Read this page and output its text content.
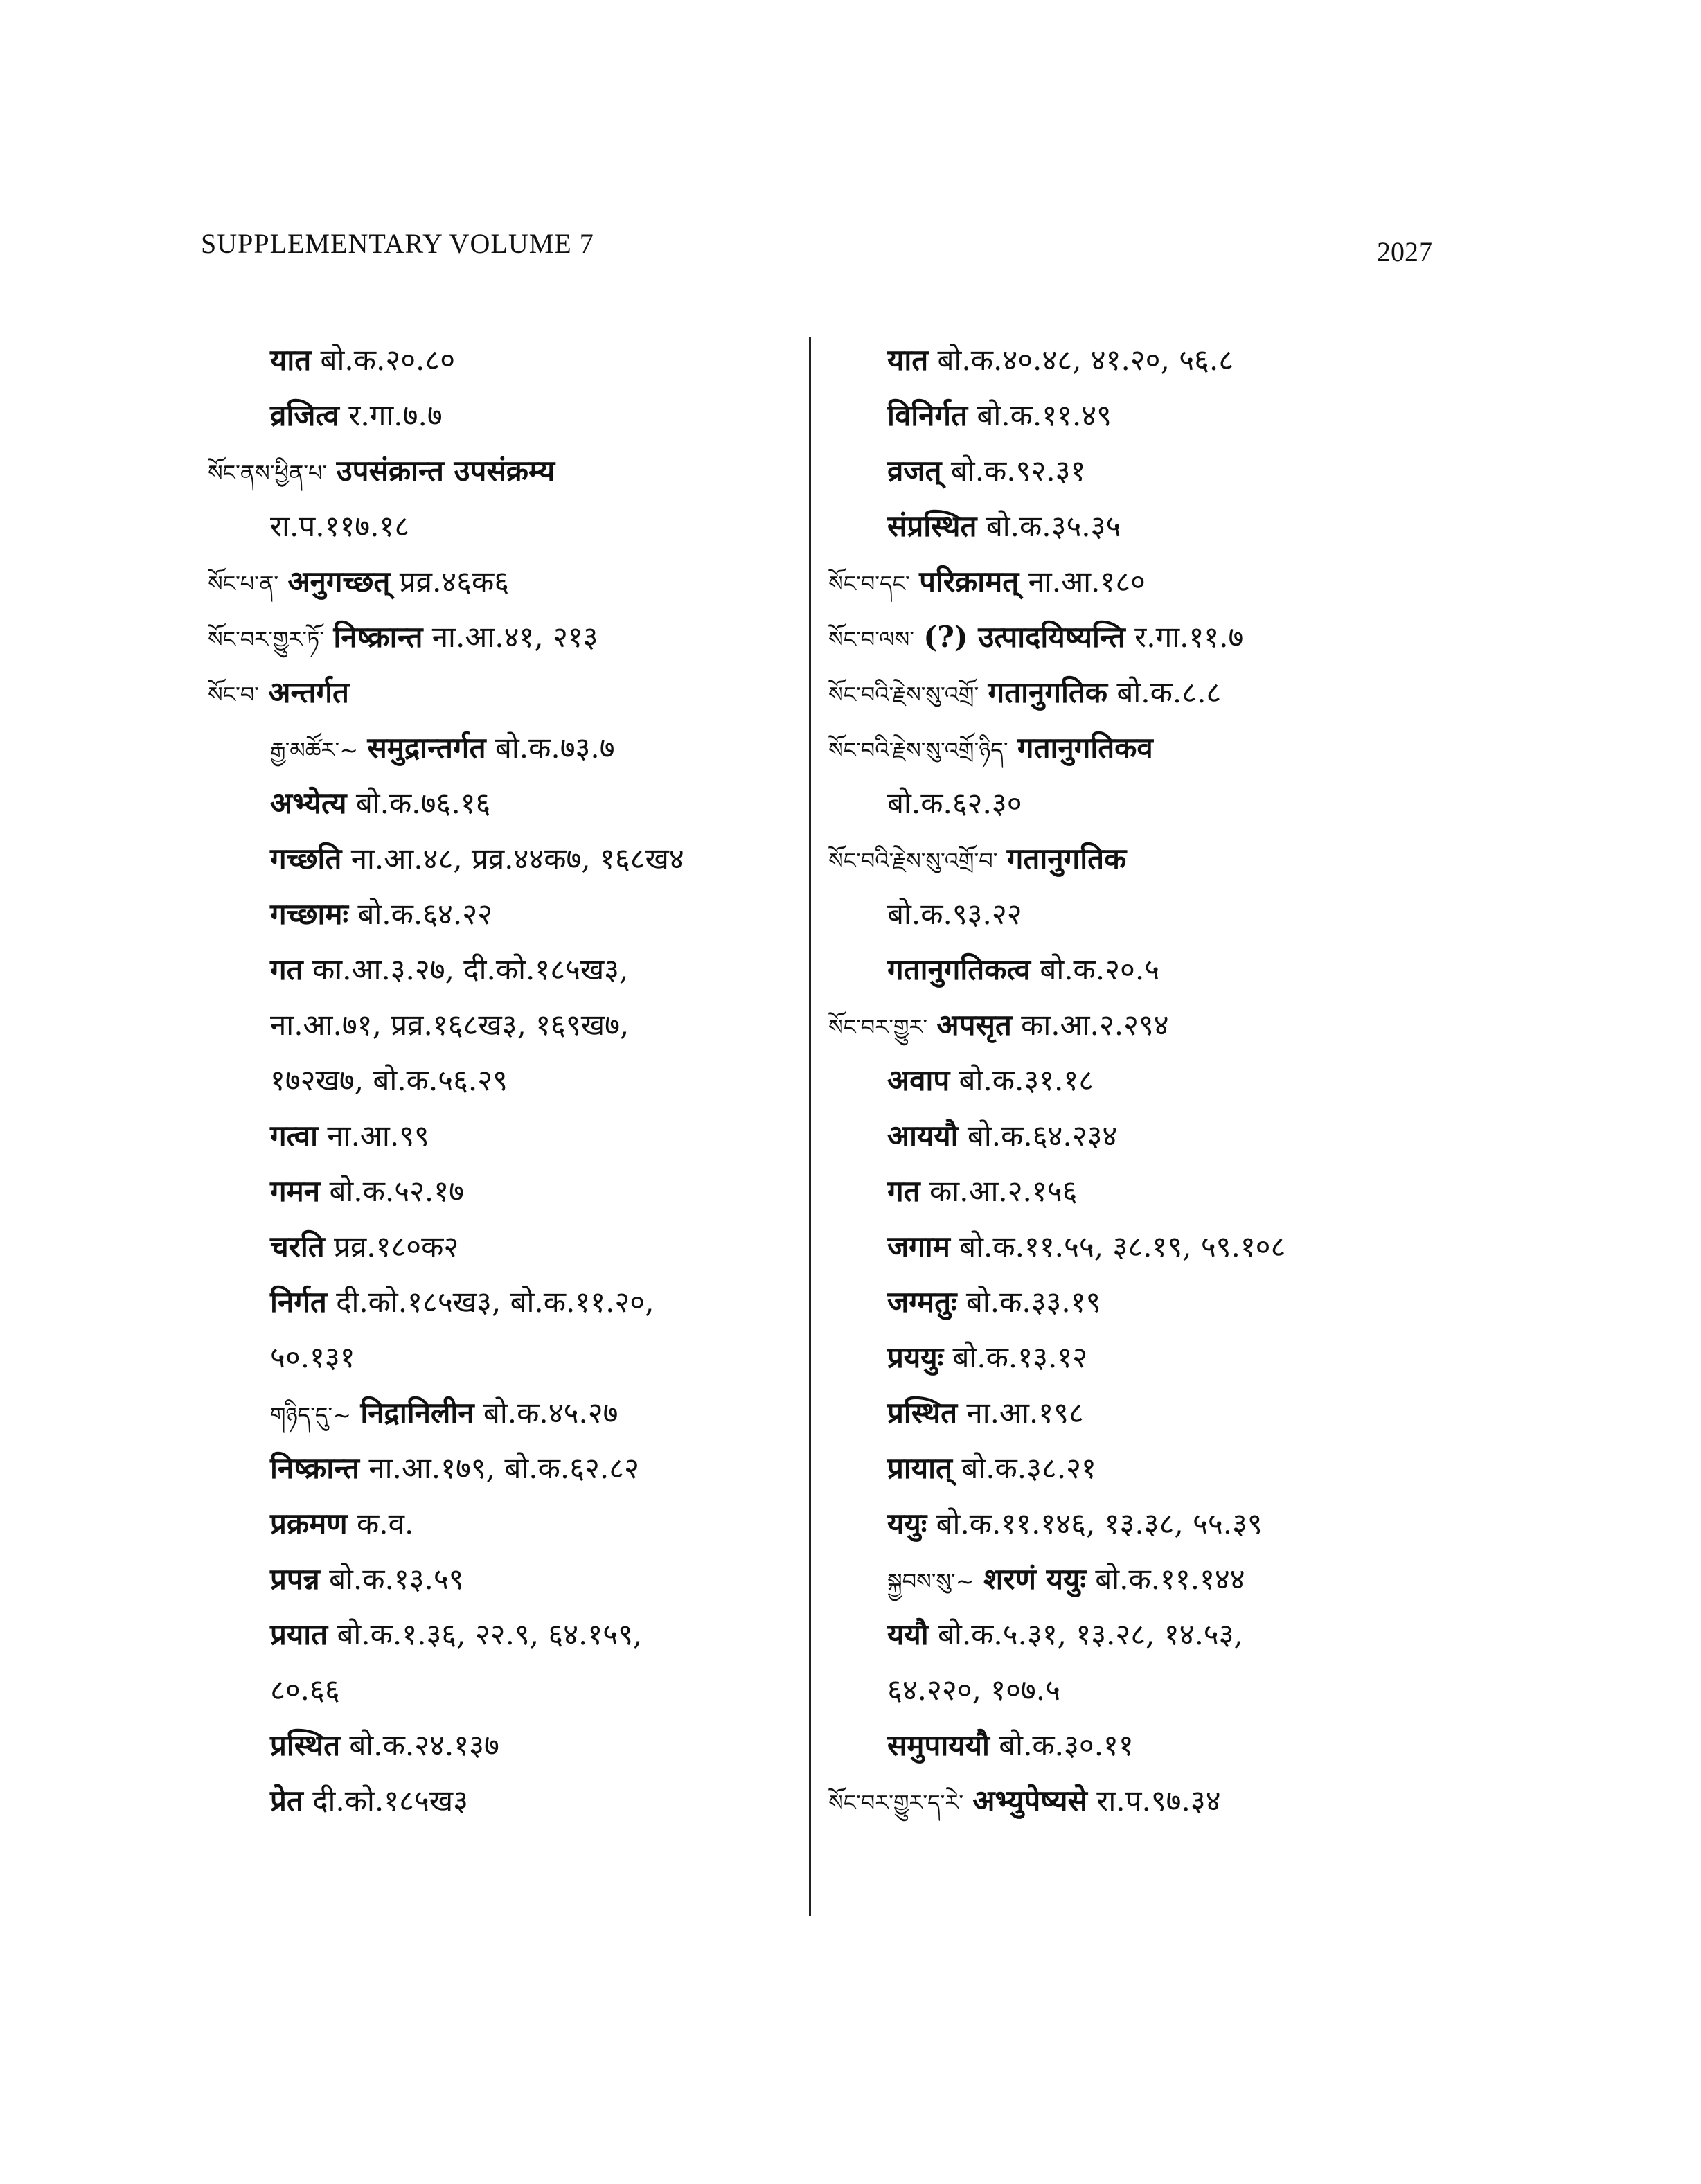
SUPPLEMENTARY VOLUME 7	2027
यात बो.क.२०.८०
व्रजित्व र.गा.७.७
སོང་ནས་ཕྱིན་པ་ उपसंक्रान्त उपसंक्रम्य
रा.प.११७.१८
སོང་པ་ན་ अनुगच्छत् प्रव्र.४६क६
སོང་བར་གྱུར་ཏོ་ निष्क्रान्त ना.आ.४१, २१३
སོང་བ་ अन्तर्गत
རྒྱ་མཚོར་~ समुद्रान्तर्गत बो.क.७३.७
अभ्येत्य बो.क.७६.१६
गच्छति ना.आ.४८, प्रव्र.४४क७, १६८ख४
गच्छामः बो.क.६४.२२
गत का.आ.३.२७, दी.को.१८५ख३,
ना.आ.७१, प्रव्र.१६८ख३, १६९ख७,
१७२ख७, बो.क.५६.२९
गत्वा ना.आ.९९
गमन बो.क.५२.१७
चरति प्रव्र.१८०क२
निर्गत दी.को.१८५ख३, बो.क.११.२०,
५०.१३१
གཉིད་དུ་~ निद्रानिलीन बो.क.४५.२७
निष्क्रान्त ना.आ.१७९, बो.क.६२.८२
प्रक्रमण क.व.
प्रपन्न बो.क.१३.५९
प्रयात बो.क.१.३६, २२.९, ६४.१५९,
८०.६६
प्रस्थित बो.क.२४.१३७
प्रेत दी.को.१८५ख३
यात बो.क.४०.४८, ४१.२०, ५६.८
विनिर्गत बो.क.११.४९
व्रजत् बो.क.९२.३१
संप्रस्थित बो.क.३५.३५
སོང་བ་དང་ परिक्रामत् ना.आ.१८०
སོང་བ་ལས་ (?) उत्पादयिष्यन्ति र.गा.११.७
སོང་བའི་རྗེས་སུ་འགྲོ་ गतानुगतिक बो.क.८.८
སོང་བའི་རྗེས་སུ་འགྲོ་ཉིད་ गतानुगतिकव
बो.क.६२.३०
སོང་བའི་རྗེས་སུ་འགྲོ་བ་ गतानुगतिक
बो.क.९३.२२
गतानुगतिकत्व बो.क.२०.५
སོང་བར་གྱུར་ अपसृत का.आ.२.२९४
अवाप बो.क.३१.१८
आययौ बो.क.६४.२३४
गत का.आ.२.१५६
जगाम बो.क.११.५५, ३८.१९, ५९.१०८
जग्मतुः बो.क.३३.१९
प्रययुः बो.क.१३.१२
प्रस्थित ना.आ.१९८
प्रायात् बो.क.३८.२१
ययुः बो.क.११.१४६, १३.३८, ५५.३९
སྐྱབས་སུ་~ शरणं ययुः बो.क.११.१४४
ययौ बो.क.५.३१, १३.२८, १४.५३,
६४.२२०, १०७.५
समुपाययौ बो.क.३०.११
སོང་བར་གྱུར་ད་རེ་ अभ्युपेष्यसे रा.प.९७.३४
